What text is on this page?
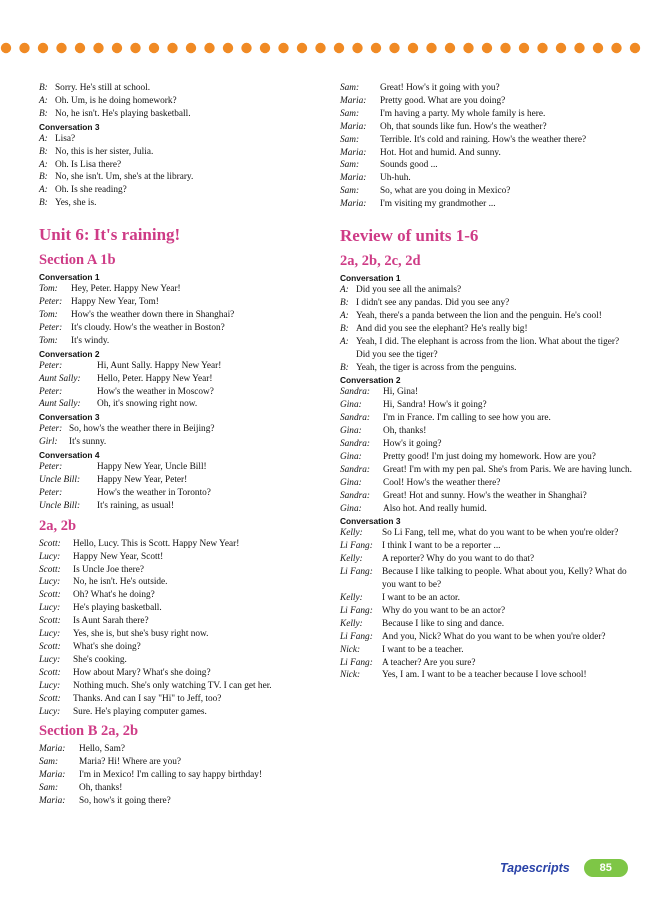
B: Sorry. He's still at school.
A: Oh. Um, is he doing homework?
B: No, he isn't. He's playing basketball.
Conversation 3
A: Lisa?
B: No, this is her sister, Julia.
A: Oh. Is Lisa there?
B: No, she isn't. Um, she's at the library.
A: Oh. Is she reading?
B: Yes, she is.
Unit 6: It's raining!
Section A 1b
Conversation 1
Tom:	Hey, Peter. Happy New Year!
Peter: Happy New Year, Tom!
Tom:	How's the weather down there in Shanghai?
Peter: It's cloudy. How's the weather in Boston?
Tom:	It's windy.
Conversation 2
Peter:	Hi, Aunt Sally. Happy New Year!
Aunt Sally:	Hello, Peter. Happy New Year!
Peter:	How's the weather in Moscow?
Aunt Sally:	Oh, it's snowing right now.
Conversation 3
Peter: So, how's the weather there in Beijing?
Girl:	It's sunny.
Conversation 4
Peter:	Happy New Year, Uncle Bill!
Uncle Bill:	Happy New Year, Peter!
Peter:	How's the weather in Toronto?
Uncle Bill:	It's raining, as usual!
2a, 2b
Scott:	Hello, Lucy. This is Scott. Happy New Year!
Lucy:	Happy New Year, Scott!
Scott:	Is Uncle Joe there?
Lucy:	No, he isn't. He's outside.
Scott:	Oh? What's he doing?
Lucy:	He's playing basketball.
Scott:	Is Aunt Sarah there?
Lucy:	Yes, she is, but she's busy right now.
Scott:	What's she doing?
Lucy:	She's cooking.
Scott:	How about Mary? What's she doing?
Lucy:	Nothing much. She's only watching TV. I can get her.
Scott:	Thanks. And can I say "Hi" to Jeff, too?
Lucy:	Sure. He's playing computer games.
Section B 2a, 2b
Maria:	Hello, Sam?
Sam:	Maria? Hi! Where are you?
Maria:	I'm in Mexico! I'm calling to say happy birthday!
Sam:	Oh, thanks!
Maria:	So, how's it going there?
Sam:	Great! How's it going with you?
Maria:	Pretty good. What are you doing?
Sam:	I'm having a party. My whole family is here.
Maria:	Oh, that sounds like fun. How's the weather?
Sam:	Terrible. It's cold and raining. How's the weather there?
Maria:	Hot. Hot and humid. And sunny.
Sam:	Sounds good ...
Maria:	Uh-huh.
Sam:	So, what are you doing in Mexico?
Maria:	I'm visiting my grandmother ...
Review of units 1-6
2a, 2b, 2c, 2d
Conversation 1
A: Did you see all the animals?
B: I didn't see any pandas. Did you see any?
A: Yeah, there's a panda between the lion and the penguin. He's cool!
B: And did you see the elephant? He's really big!
A: Yeah, I did. The elephant is across from the lion. What about the tiger? Did you see the tiger?
B: Yeah, the tiger is across from the penguins.
Conversation 2
Sandra:	Hi, Gina!
Gina:	Hi, Sandra! How's it going?
Sandra:	I'm in France. I'm calling to see how you are.
Gina:	Oh, thanks!
Sandra:	How's it going?
Gina:	Pretty good! I'm just doing my homework. How are you?
Sandra:	Great! I'm with my pen pal. She's from Paris. We are having lunch.
Gina:	Cool! How's the weather there?
Sandra:	Great! Hot and sunny. How's the weather in Shanghai?
Gina:	Also hot. And really humid.
Conversation 3
Kelly:	So Li Fang, tell me, what do you want to be when you're older?
Li Fang: I think I want to be a reporter ...
Kelly:	A reporter? Why do you want to do that?
Li Fang: Because I like talking to people. What about you, Kelly? What do you want to be?
Kelly:	I want to be an actor.
Li Fang: Why do you want to be an actor?
Kelly:	Because I like to sing and dance.
Li Fang: And you, Nick? What do you want to be when you're older?
Nick:	I want to be a teacher.
Li Fang: A teacher? Are you sure?
Nick:	Yes, I am. I want to be a teacher because I love school!
Tapescripts	85
